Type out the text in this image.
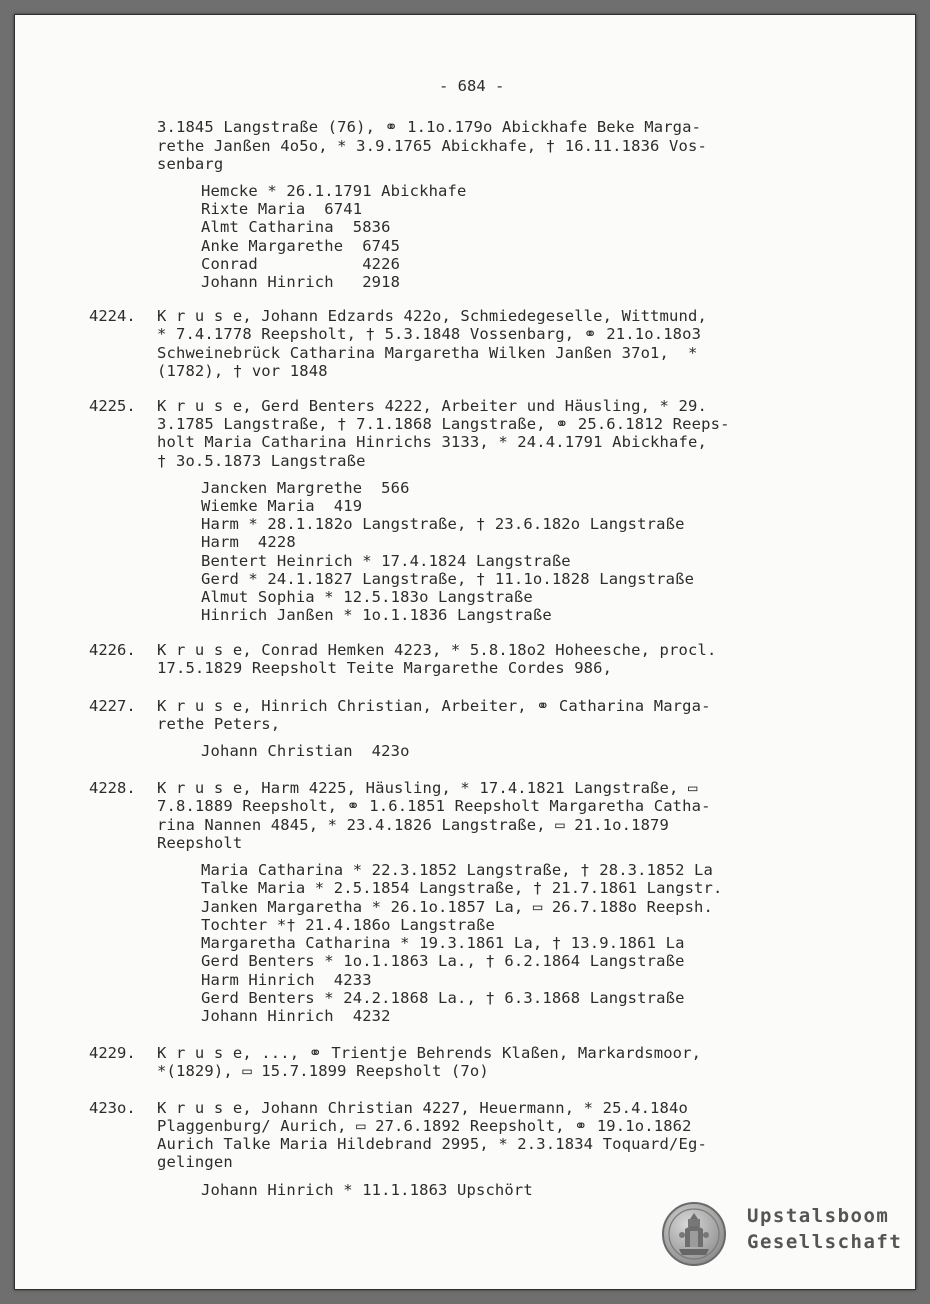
- 684 -
3.1845 Langstraße (76), ⚭ 1.1o.179o Abickhafe Beke Marga-
rethe Janßen 4o5o, * 3.9.1765 Abickhafe, † 16.11.1836 Vos-
senbarg
Hemcke * 26.1.1791 Abickhafe
Rixte Maria  6741
Almt Catharina  5836
Anke Margarethe  6745
Conrad           4226
Johann Hinrich   2918
4224. K r u s e, Johann Edzards 422o, Schmiedegeselle, Wittmund,
* 7.4.1778 Reepsholt, † 5.3.1848 Vossenbarg, ⚭ 21.1o.18o3
Schweinebrück Catharina Margaretha Wilken Janßen 37o1,  *
(1782), † vor 1848
4225. K r u s e, Gerd Benters 4222, Arbeiter und Häusling, * 29.
3.1785 Langstraße, † 7.1.1868 Langstraße, ⚭ 25.6.1812 Reeps-
holt Maria Catharina Hinrichs 3133, * 24.4.1791 Abickhafe,
† 3o.5.1873 Langstraße
Jancken Margrethe  566
Wiemke Maria  419
Harm * 28.1.182o Langstraße, † 23.6.182o Langstraße
Harm  4228
Bentert Heinrich * 17.4.1824 Langstraße
Gerd * 24.1.1827 Langstraße, † 11.1o.1828 Langstraße
Almut Sophia * 12.5.183o Langstraße
Hinrich Janßen * 1o.1.1836 Langstraße
4226. K r u s e, Conrad Hemken 4223, * 5.8.18o2 Hoheesche, procl.
17.5.1829 Reepsholt Teite Margarethe Cordes 986,
4227. K r u s e, Hinrich Christian, Arbeiter, ⚭ Catharina Marga-
rethe Peters,
Johann Christian  423o
4228. K r u s e, Harm 4225, Häusling, * 17.4.1821 Langstraße, ▭
7.8.1889 Reepsholt, ⚭ 1.6.1851 Reepsholt Margaretha Catha-
rina Nannen 4845, * 23.4.1826 Langstraße, ▭ 21.1o.1879
Reepsholt
Maria Catharina * 22.3.1852 Langstraße, † 28.3.1852 La
Talke Maria * 2.5.1854 Langstraße, † 21.7.1861 Langstr.
Janken Margaretha * 26.1o.1857 La, ▭ 26.7.188o Reepsh.
Tochter *† 21.4.186o Langstraße
Margaretha Catharina * 19.3.1861 La, † 13.9.1861 La
Gerd Benters * 1o.1.1863 La., † 6.2.1864 Langstraße
Harm Hinrich  4233
Gerd Benters * 24.2.1868 La., † 6.3.1868 Langstraße
Johann Hinrich  4232
4229. K r u s e, ..., ⚭ Trientje Behrends Klaßen, Markardsmoor,
*(1829), ▭ 15.7.1899 Reepsholt (7o)
423o. K r u s e, Johann Christian 4227, Heuermann, * 25.4.184o
Plaggenburg/ Aurich, ▭ 27.6.1892 Reepsholt, ⚭ 19.1o.1862
Aurich Talke Maria Hildebrand 2995, * 2.3.1834 Toquard/Eg-
gelingen
Johann Hinrich * 11.1.1863 Upschört
Upstalsboom
Gesellschaft
